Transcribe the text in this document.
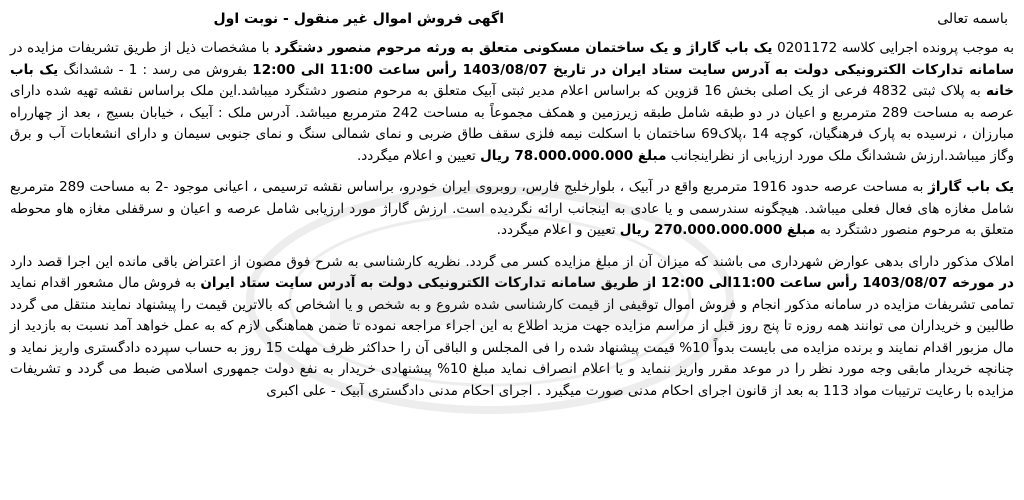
باسمه تعالی
اگهی فروش اموال غیر منقول - نوبت اول

به موجب پرونده اجرایی کلاسه 0201172 یک باب گاراژ و یک ساختمان مسکونی متعلق به ورثه مرحوم منصور دشتگرد با مشخصات ذیل از طریق تشریفات مزایده در سامانه تدارکات الکترونیکی دولت به آدرس سایت ستاد ایران در تاریخ 1403/08/07 رأس ساعت 11:00 الی 12:00 بفروش می رسد : 1 - ششدانگ یک باب خانه به پلاک ثبتی 4832 فرعی از یک اصلی بخش 16 قزوین که براساس اعلام مدیر ثبتی آبیک متعلق به مرحوم منصور دشتگرد میباشد.این ملک براساس نقشه تهیه شده دارای عرصه به مساحت 289 مترمربع و اعیان در دو طبقه شامل طبقه زیرزمین و همکف مجموعاً به مساحت 242 مترمربع میباشد. آدرس ملک : آبیک ، خیابان بسیج ، بعد از چهارراه مبارزان ، نرسیده به پارک فرهنگیان، کوچه 14 ،پلاک69 ساختمان با اسکلت نیمه فلزی سقف طاق ضربی و نمای شمالی سنگ و نمای جنوبی سیمان و دارای انشعابات آب و برق وگاز میباشد.ارزش ششدانگ ملک مورد ارزیابی از نظراینجانب مبلغ 78.000.000.000 ریال تعیین و اعلام میگردد.

یک باب گاراژ به مساحت عرصه حدود 1916 مترمربع واقع در آبیک ، بلوارخلیج فارس، روبروی ایران خودرو، براساس نقشه ترسیمی ، اعیانی موجود -2 به مساحت 289 مترمربع شامل مغازه های فعال فعلی میباشد. هیچگونه سندرسمی و یا عادی به اینجانب ارائه نگردیده است. ارزش گاراژ مورد ارزیابی شامل عرصه و اعیان و سرقفلی مغازه هاو محوطه متعلق به مرحوم منصور دشتگرد به مبلغ 270.000.000.000 ریال تعیین و اعلام میگردد.

املاک مذکور دارای بدهی عوارض شهرداری می باشند که میزان آن از مبلغ مزایده کسر می گردد. نظریه کارشناسی به شرح فوق مصون از اعتراض باقی مانده این اجرا قصد دارد در مورخه 1403/08/07 رأس ساعت 11:00الی 12:00 از طریق سامانه تدارکات الکترونیکی دولت به آدرس سایت ستاد ایران به فروش مال مشعور اقدام نماید تمامی تشریفات مزایده در سامانه مذکور انجام و فروش اموال توقیفی از قیمت کارشناسی شده شروع و به شخص و یا اشخاص که بالاترین قیمت را پیشنهاد نمایند منتقل می گردد طالبین و خریداران می توانند همه روزه تا پنج روز قبل از مراسم مزایده جهت مزید اطلاع به این اجراء مراجعه نموده تا ضمن هماهنگی لازم که به عمل خواهد آمد نسبت به بازدید از مال مزبور اقدام نمایند و برنده مزایده می بایست بدواً 10% قیمت پیشنهاد شده را فی المجلس و الباقی آن را حداکثر ظرف مهلت 15 روز به حساب سپرده دادگستری واریز نماید و چنانچه خریدار مابقی وجه مورد نظر را در موعد مقرر واریز ننماید و یا اعلام انصراف نماید مبلغ 10% پیشنهادی خریدار به نفع دولت جمهوری اسلامی ضبط می گردد و تشریفات مزایده با رعایت ترتیبات مواد 113 به بعد از قانون اجرای احکام مدنی صورت میگیرد . اجرای احکام مدنی دادگستری آبیک - علی اکبری
